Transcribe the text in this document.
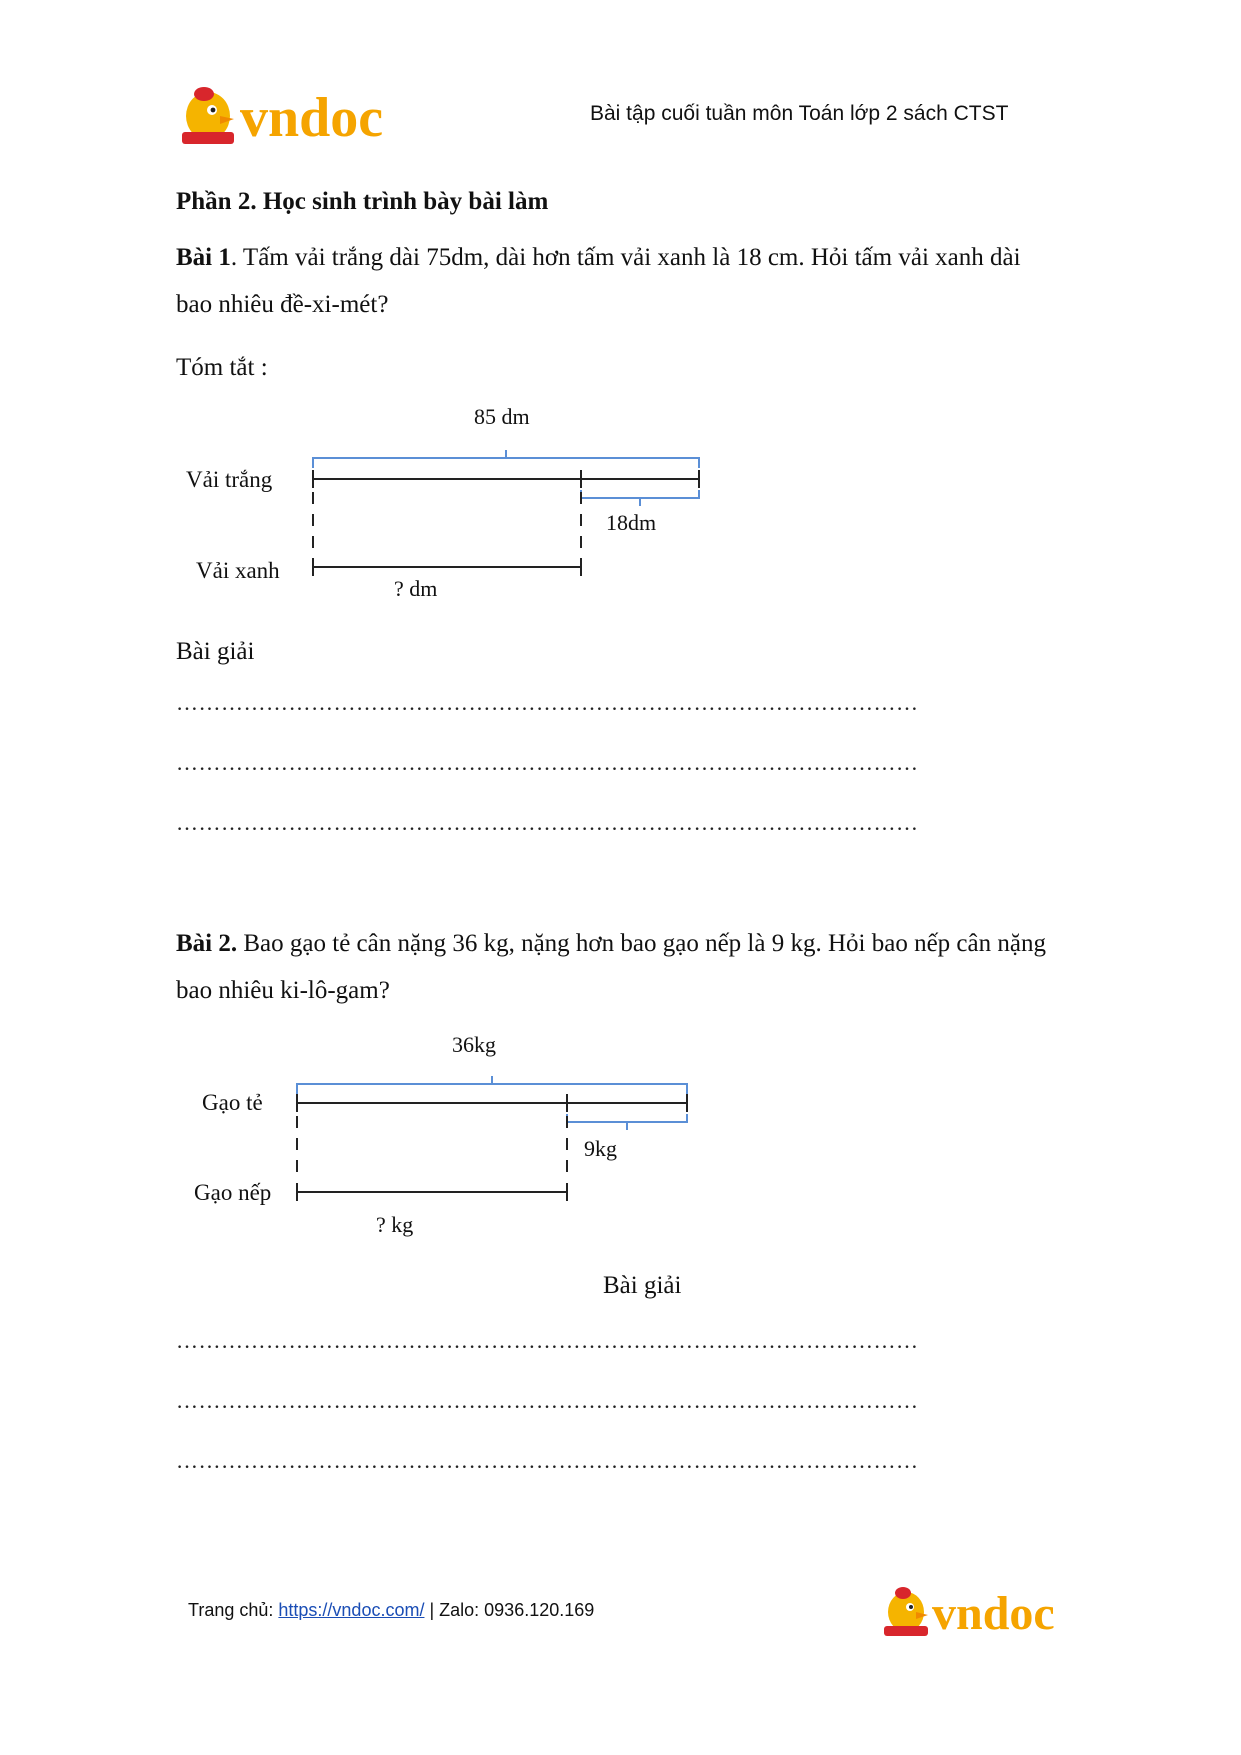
vndoc	Bài tập cuối tuần môn Toán lớp 2 sách CTST
Phần 2. Học sinh trình bày bài làm
Bài 1. Tấm vải trắng dài 75dm, dài hơn tấm vải xanh là 18 cm. Hỏi tấm vải xanh dài
bao nhiêu đề-xi-mét?
Tóm tắt :
85 dm
18dm
? dm
Vải trắng
Vải xanh
Bài giải
………………………………………………………………………………………
………………………………………………………………………………………
………………………………………………………………………………………
Bài 2. Bao gạo tẻ cân nặng 36 kg, nặng hơn bao gạo nếp là 9 kg. Hỏi bao nếp cân nặng
bao nhiêu ki-lô-gam?
36kg
9kg
? kg
Gạo tẻ
Gạo nếp
Bài giải
………………………………………………………………………………………
………………………………………………………………………………………
………………………………………………………………………………………
Trang chủ: https://vndoc.com/ | Zalo: 0936.120.169	vndoc
